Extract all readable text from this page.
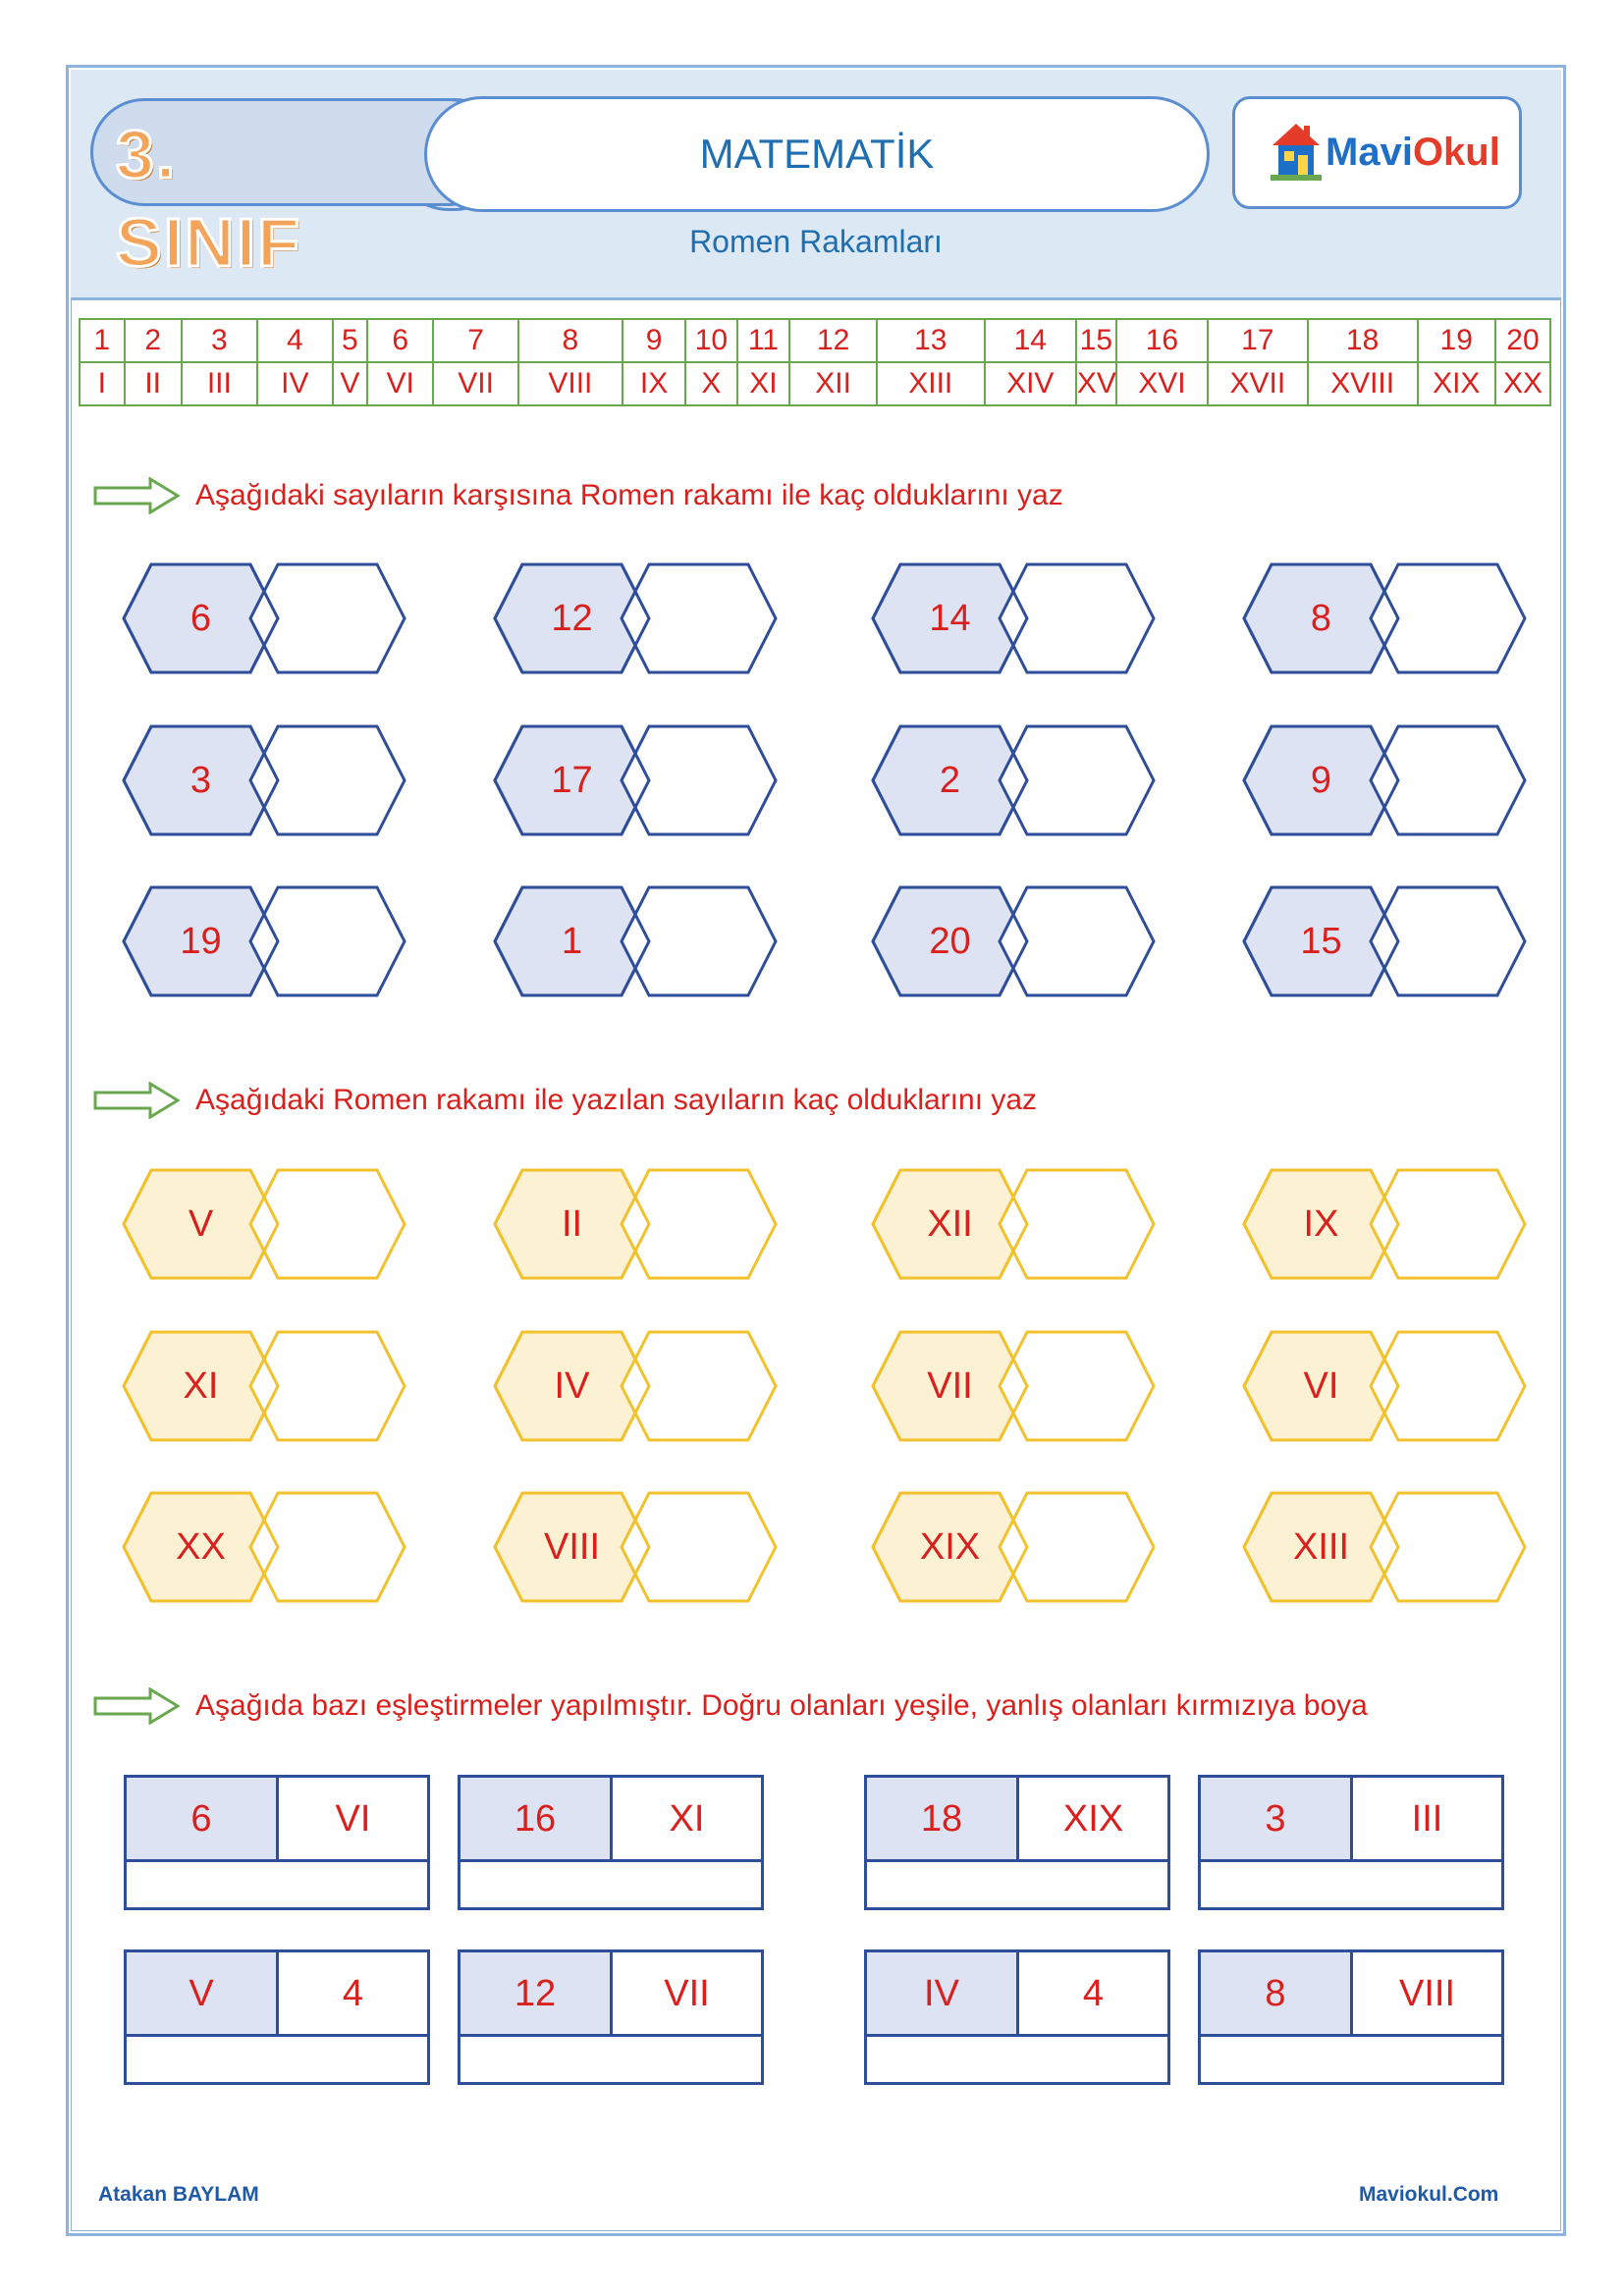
3. SINIF
MATEMATİK	MaviOkul
Romen Rakamları
1	2	3	4	5	6	7	8	9	10	11	12	13	14	15	16	17	18	19	20
I	II	III	IV	V	VI	VII	VIII	IX	X	XI	XII	XIII	XIV	XV	XVI	XVII	XVIII	XIX	XX
Aşağıdaki sayıların karşısına Romen rakamı ile kaç olduklarını yaz
Aşağıdaki Romen rakamı ile yazılan sayıların kaç olduklarını yaz
Aşağıda bazı eşleştirmeler yapılmıştır. Doğru olanları yeşile, yanlış olanları kırmızıya boya
6	12	14	8
3	17	2	9
19	1	20	15
V	II	XII	IX
XI	IV	VII	VI
XX	VIII	XIX	XIII
6	VI	16	XI	18	XIX	3	III
V	4	12	VII	IV	4	8	VIII
Atakan BAYLAM	Maviokul.Com
